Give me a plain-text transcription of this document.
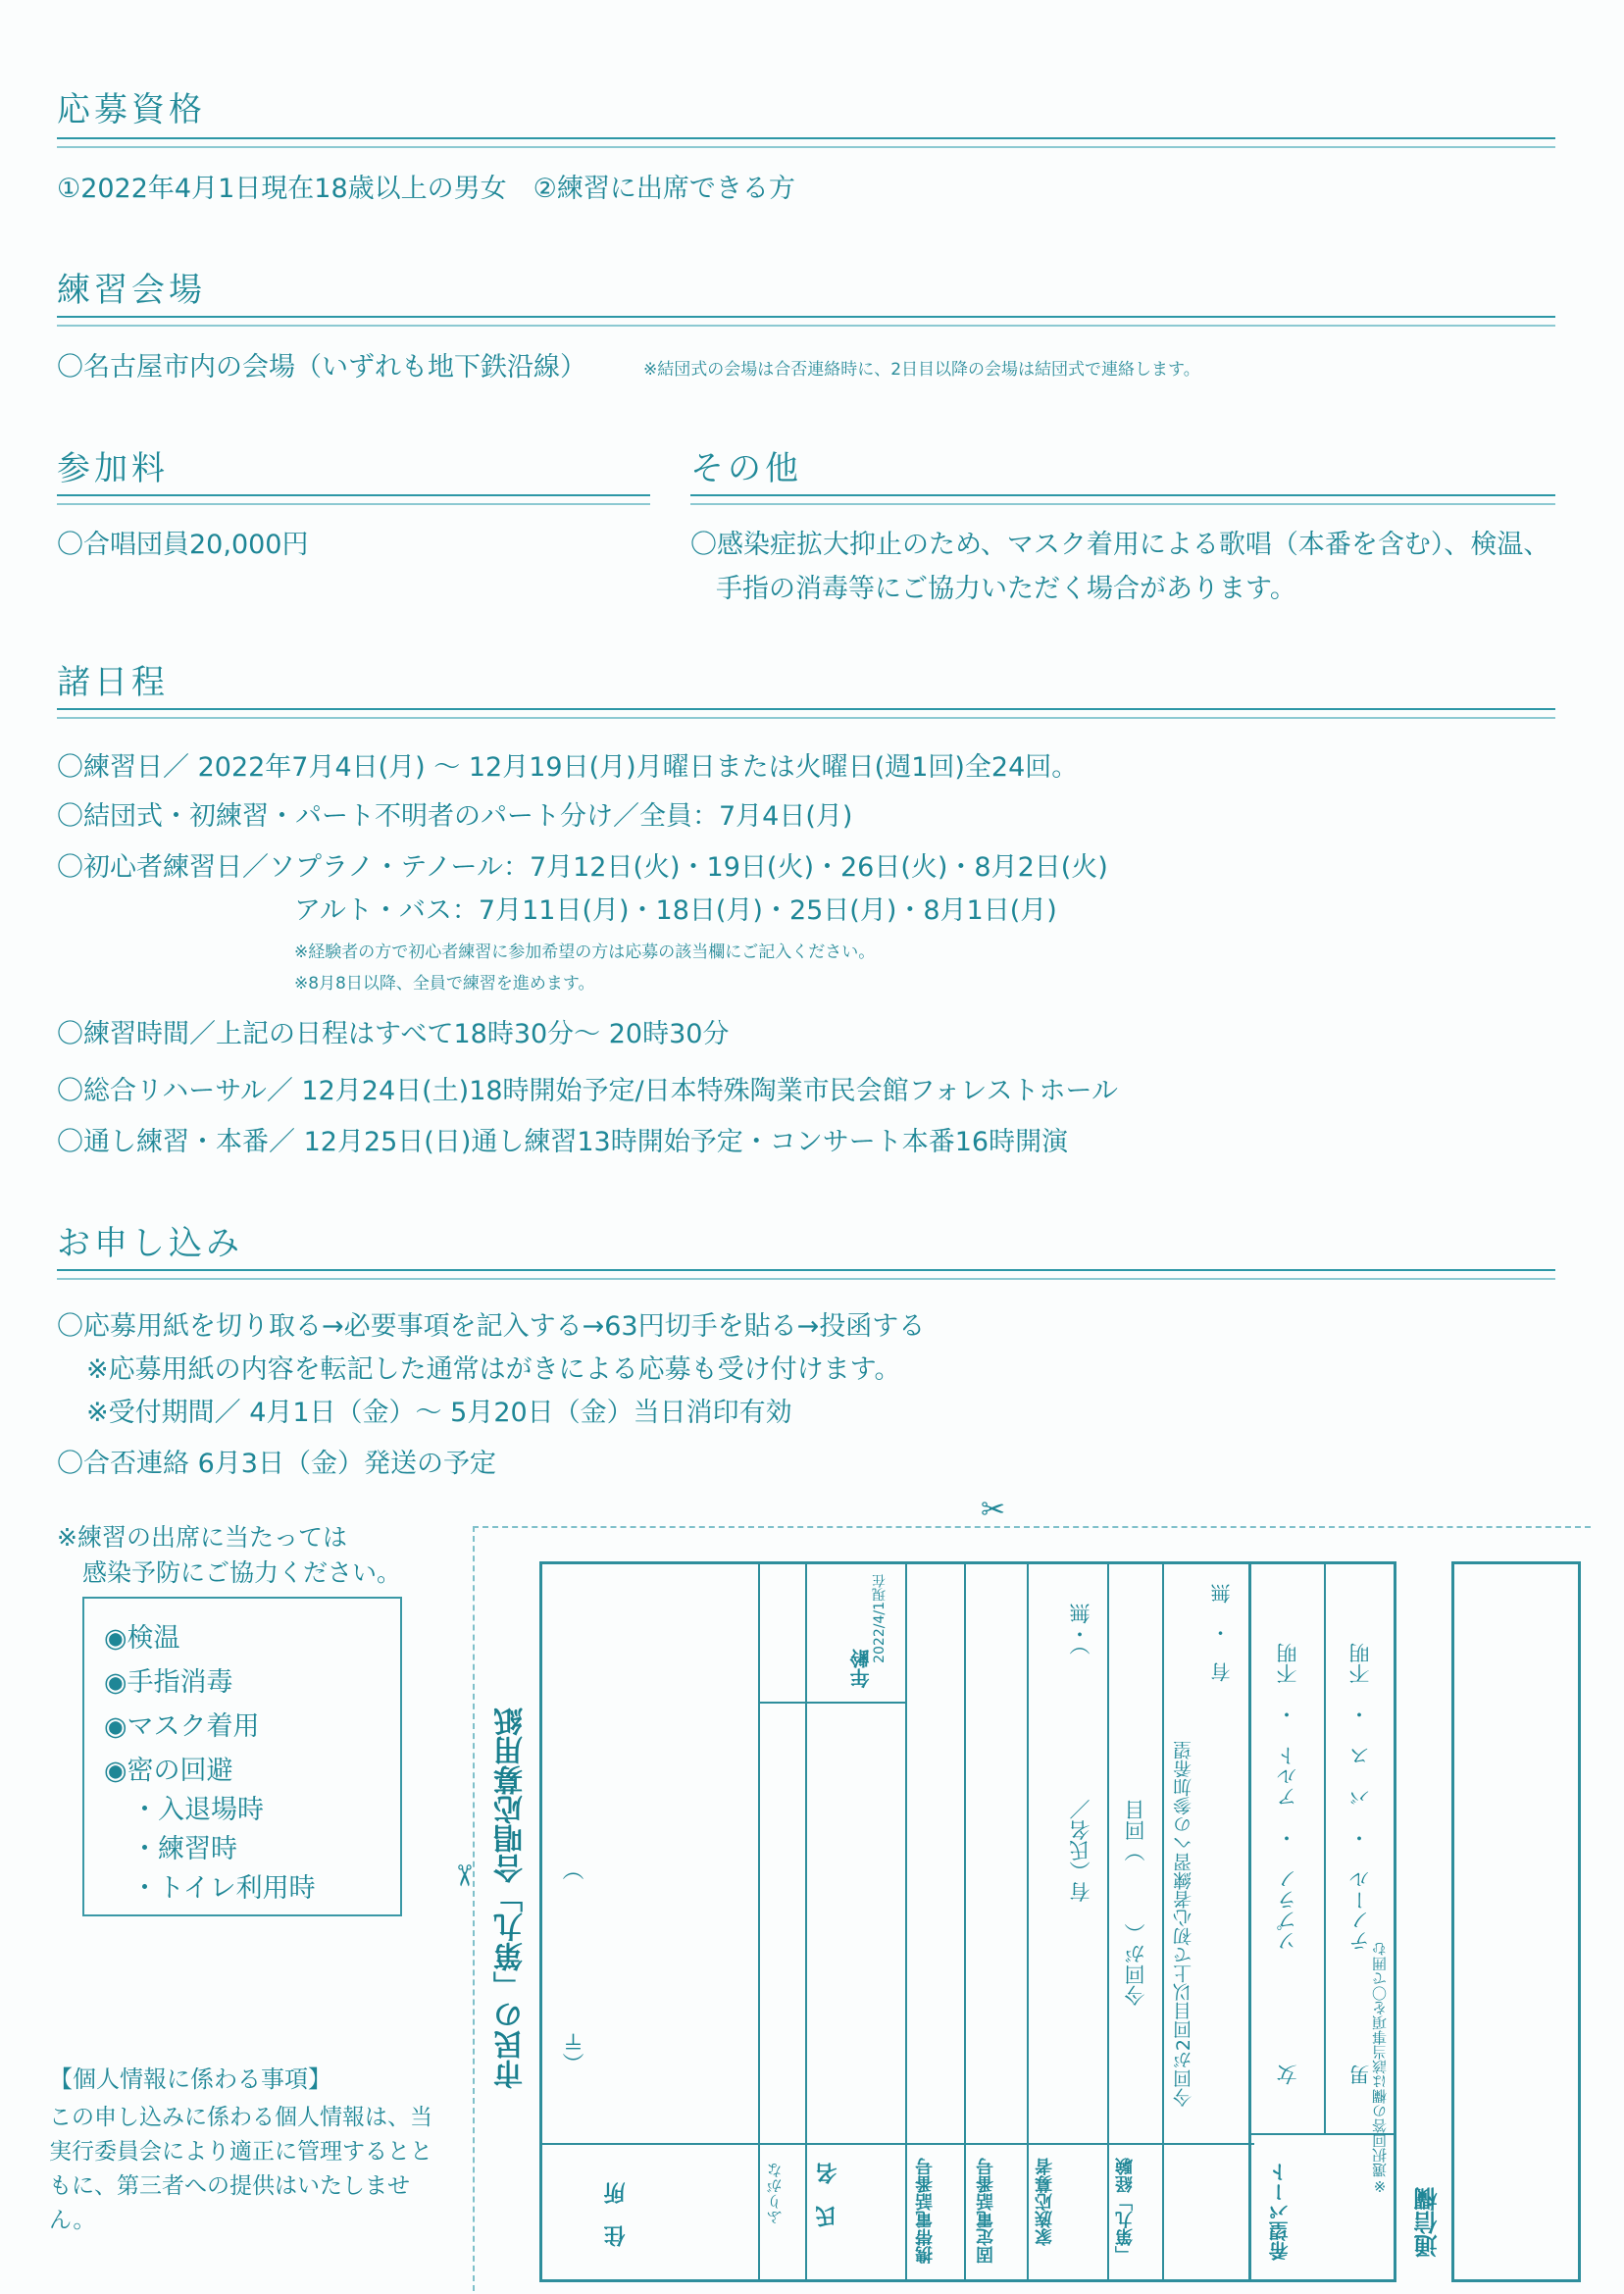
応募資格
①2022年4月1日現在18歳以上の男女　②練習に出席できる方
練習会場
〇名古屋市内の会場（いずれも地下鉄沿線）	※結団式の会場は合否連絡時に、2日目以降の会場は結団式で連絡します。
参加料
〇合唱団員20,000円
その他
〇感染症拡大抑止のため、マスク着用による歌唱（本番を含む）、検温、
手指の消毒等にご協力いただく場合があります。
諸日程
〇練習日／ 2022年7月4日(月) ～ 12月19日(月)月曜日または火曜日(週1回)全24回。
〇結団式・初練習・パート不明者のパート分け／全員：7月4日(月)
〇初心者練習日／ソプラノ・テノール：7月12日(火)・19日(火)・26日(火)・8月2日(火)
アルト・バス：7月11日(月)・18日(月)・25日(月)・8月1日(月)
※経験者の方で初心者練習に参加希望の方は応募の該当欄にご記入ください。
※8月8日以降、全員で練習を進めます。
〇練習時間／上記の日程はすべて18時30分～ 20時30分
〇総合リハーサル／ 12月24日(土)18時開始予定/日本特殊陶業市民会館フォレストホール
〇通し練習・本番／ 12月25日(日)通し練習13時開始予定・コンサート本番16時開演
お申し込み
〇応募用紙を切り取る→必要事項を記入する→63円切手を貼る→投函する
※応募用紙の内容を転記した通常はがきによる応募も受け付けます。
※受付期間／ 4月1日（金）～ 5月20日（金）当日消印有効
〇合否連絡 6月3日（金）発送の予定
※練習の出席に当たっては
感染予防にご協力ください。
◉検温
◉手指消毒
◉マスク着用
◉密の回避
・入退場時
・練習時
・トイレ利用時
【個人情報に係わる事項】
この申し込みに係わる個人情報は、当実行委員会により適正に管理するとともに、第三者への提供はいたしません。
✂
✂ 市民の「第九」合唱応募用紙
住　所
（〒　　　　　　　）
ふりがな 氏　名
年齢
2022/4/1現在
携帯電話番号 固定電話番号 家族応募者
有（氏名／　　　　　　　）・無
「第九」経験
今回が（　　　）回目 今回が2回目以上で初心者練習への参加希望
有　・　無
希望パート
女
ソプラノ　・　アルト　・　不明
男
テノール　・　バ　ス　・　不明
※選択回答の欄は該当事項を〇で囲む
通信欄
